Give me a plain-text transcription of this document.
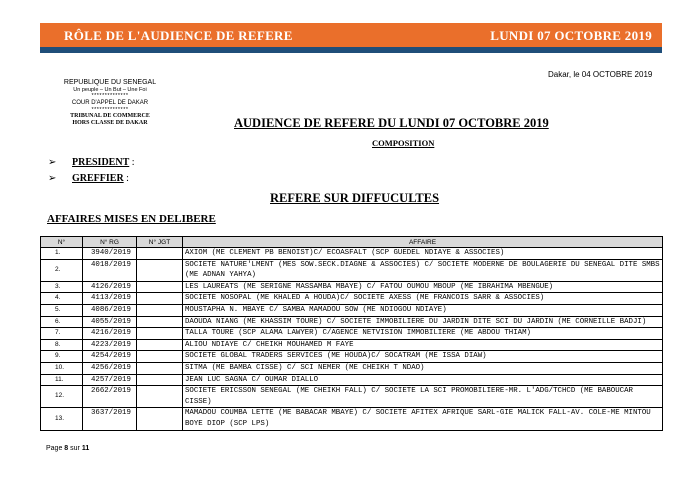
RÔLE DE L'AUDIENCE DE REFERE	LUNDI 07 OCTOBRE 2019
Dakar, le 04 OCTOBRE 2019
REPUBLIQUE DU SENEGAL
Un peuple – Un But – Une Foi
**************
COUR D'APPEL DE DAKAR
**************
TRIBUNAL DE COMMERCE
HORS CLASSE DE DAKAR	AUDIENCE DE REFERE DU LUNDI 07 OCTOBRE 2019
COMPOSITION
➢ PRESIDENT :
➢ GREFFIER :
REFERE SUR DIFFUCULTES
AFFAIRES MISES EN DELIBERE
N°	N° RG	N° JGT	AFFAIRE
1.	3940/2019		AXIOM (ME CLEMENT PB BENOIST)C/ ECOASFALT (SCP GUEDEL NDIAYE & ASSOCIES)
2.	4018/2019		SOCIETE NATURE'LMENT (MES SOW.SECK.DIAGNE & ASSOCIES) C/ SOCIETE MODERNE DE BOULAGERIE DU SENEGAL DITE SMBS (ME ADNAN YAHYA)
3.	4126/2019		LES LAUREATS (ME SERIGNE MASSAMBA MBAYE) C/ FATOU OUMOU MBOUP (ME IBRAHIMA MBENGUE)
4.	4113/2019		SOCIETE NOSOPAL (ME KHALED A HOUDA)C/ SOCIETE AXESS (ME FRANCOIS SARR & ASSOCIES)
5.	4086/2019		MOUSTAPHA N. MBAYE C/ SAMBA MAMADOU SOW (ME NDIOGOU NDIAYE)
6.	4055/2019		DAOUDA NIANG (ME KHASSIM TOURE) C/ SOCIETE IMMOBILIERE DU JARDIN DITE SCI DU JARDIN (ME CORNEILLE BADJI)
7.	4216/2019		TALLA TOURE (SCP ALAMA LAWYER) C/AGENCE NETVISION IMMOBILIERE (ME ABDOU THIAM)
8.	4223/2019		ALIOU NDIAYE C/ CHEIKH MOUHAMED M FAYE
9.	4254/2019		SOCIETE GLOBAL TRADERS SERVICES (ME HOUDA)C/ SOCATRAM (ME ISSA DIAW)
10.	4256/2019		SITMA (ME BAMBA CISSE) C/ SCI NEMER (ME CHEIKH T NDAO)
11.	4257/2019		JEAN LUC SAGNA C/ OUMAR DIALLO
12.	2662/2019		SOCIETE ERICSSON SENEGAL (ME CHEIKH FALL) C/ SOCIETE LA SCI PROMOBILIERE-MR. L'ADG/TCHCD (ME BABOUCAR CISSE)
13.	3637/2019		MAMADOU COUMBA LETTE (ME BABACAR MBAYE) C/ SOCIETE AFITEX AFRIQUE SARL-GIE MALICK FALL-AV. COLE-ME MINTOU BOYE DIOP (SCP LPS)
Page 8 sur 11
